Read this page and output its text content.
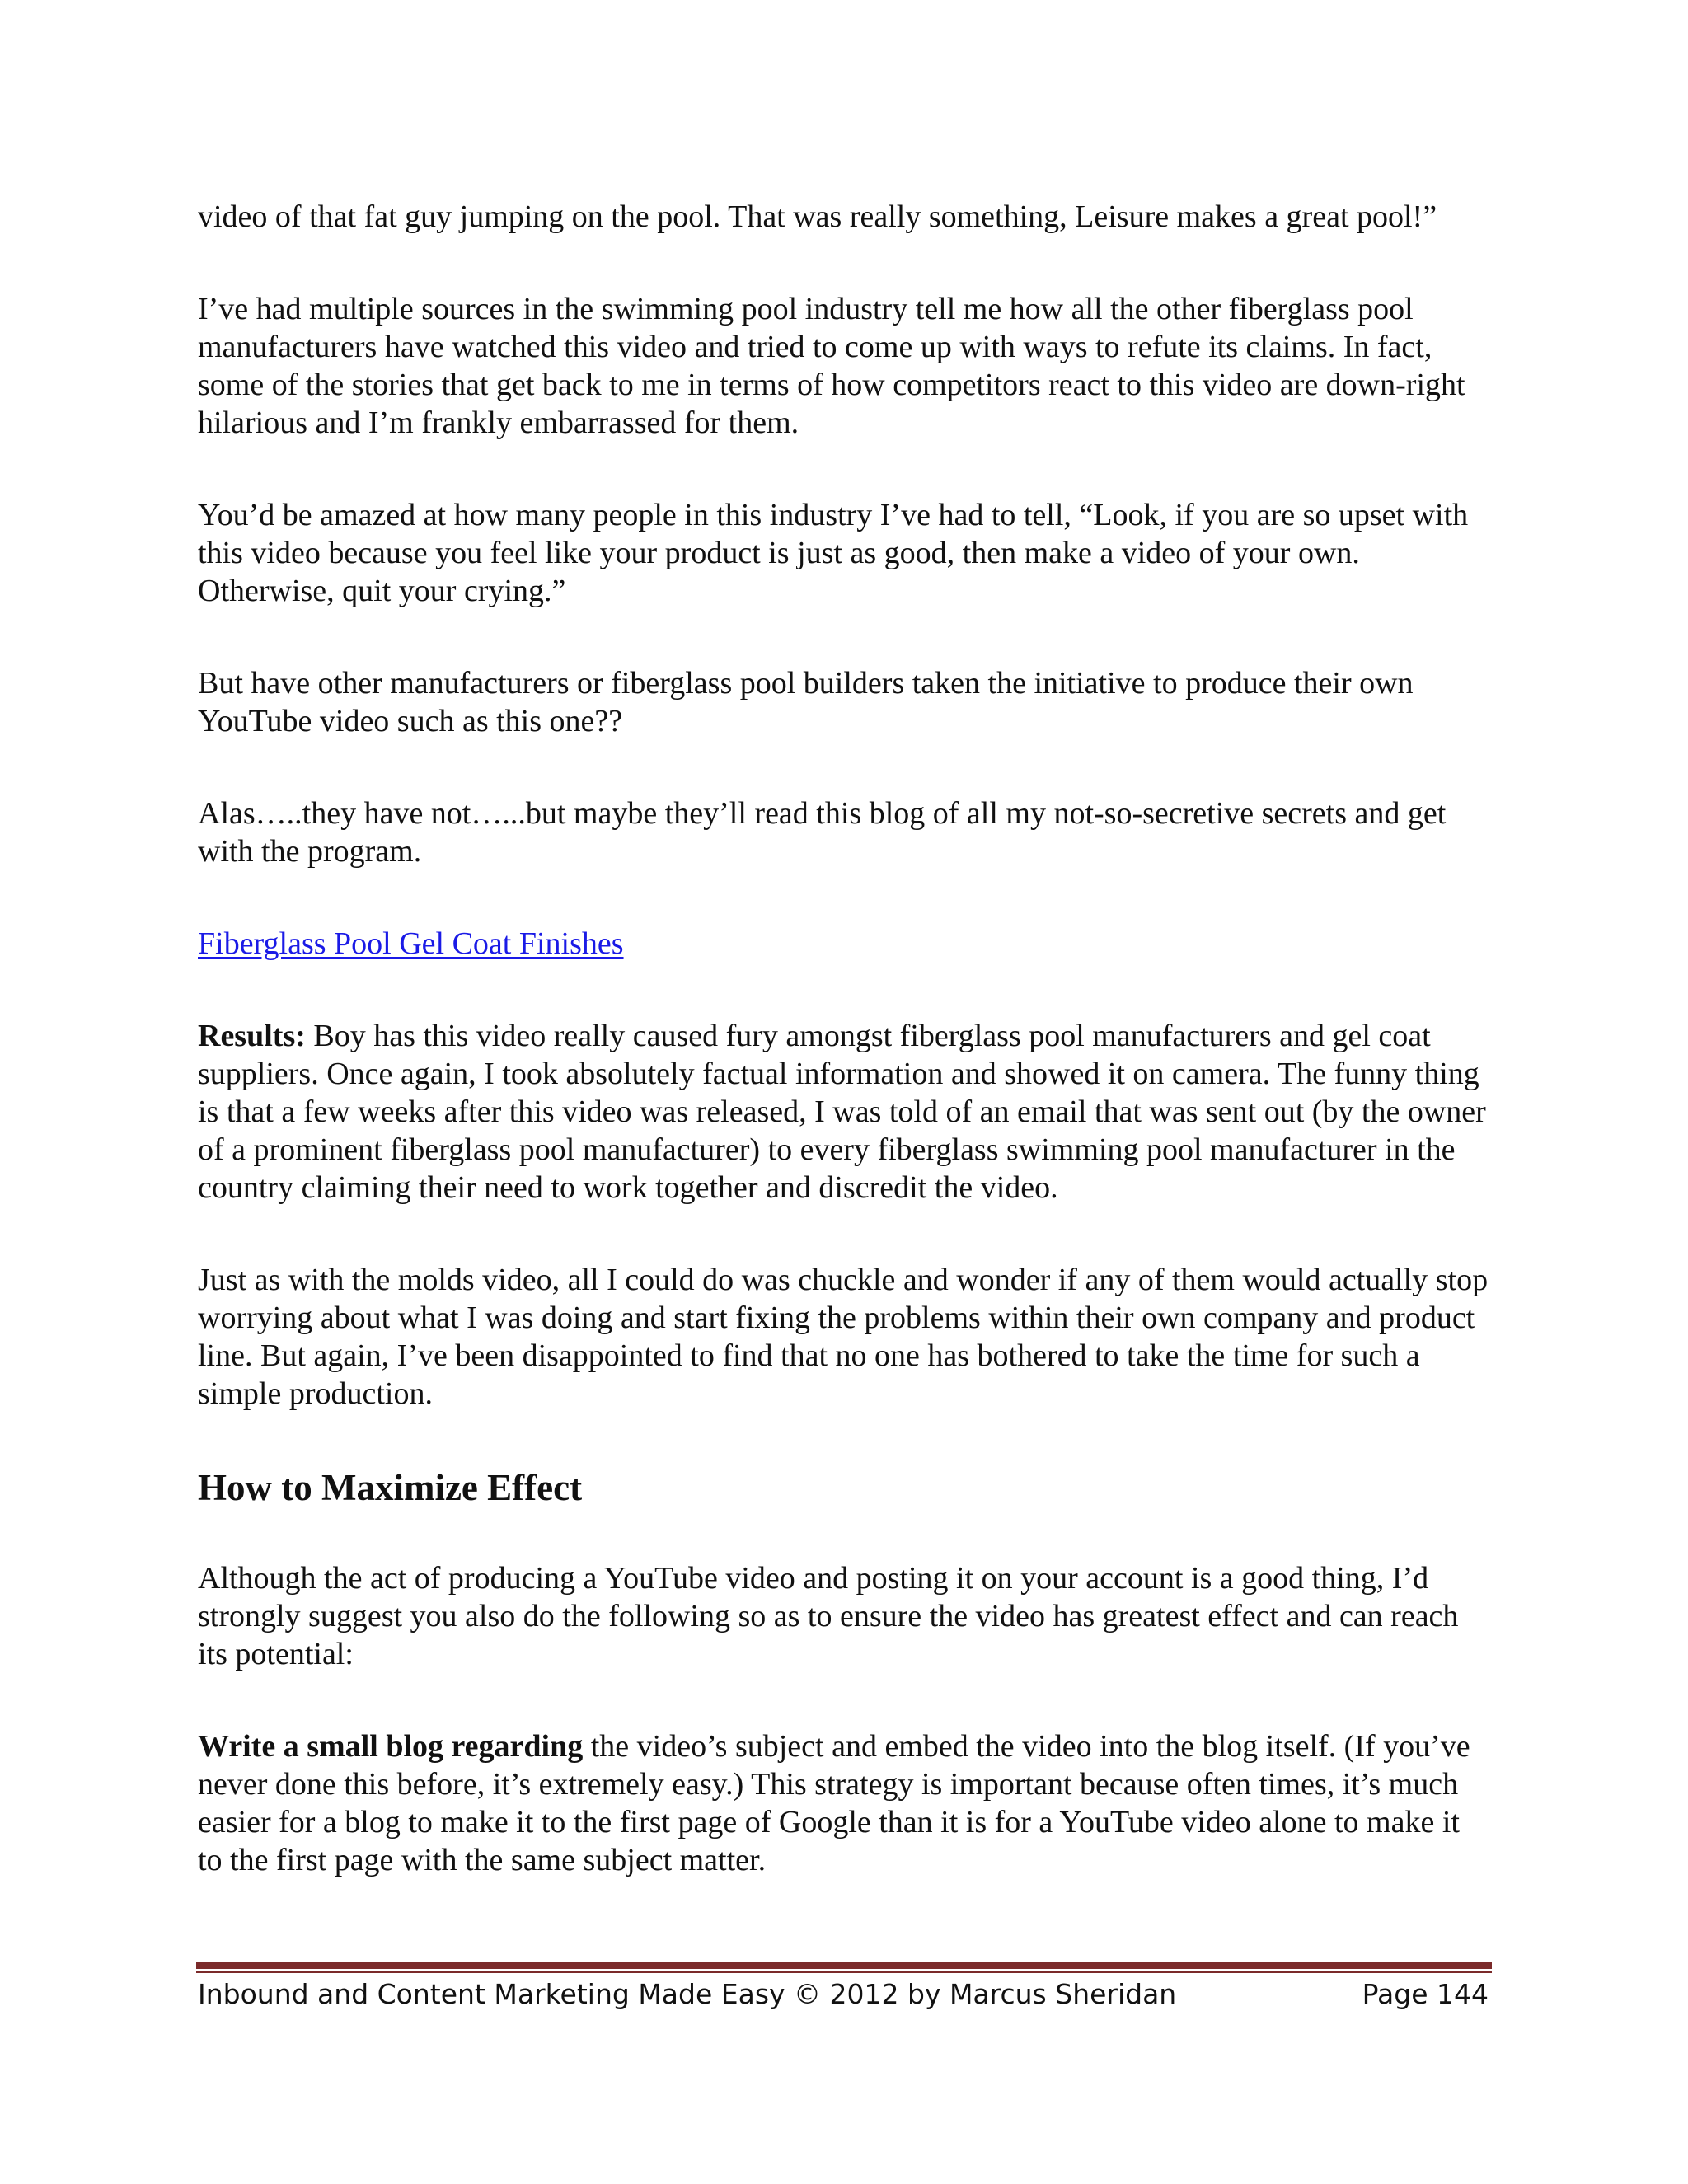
video of that fat guy jumping on the pool. That was really something, Leisure makes a great pool!”

I’ve had multiple sources in the swimming pool industry tell me how all the other fiberglass pool manufacturers have watched this video and tried to come up with ways to refute its claims. In fact, some of the stories that get back to me in terms of how competitors react to this video are down-right hilarious and I’m frankly embarrassed for them.

You’d be amazed at how many people in this industry I’ve had to tell, “Look, if you are so upset with this video because you feel like your product is just as good, then make a video of your own. Otherwise, quit your crying.”

But have other manufacturers or fiberglass pool builders taken the initiative to produce their own YouTube video such as this one??

Alas…..they have not…...but maybe they’ll read this blog of all my not-so-secretive secrets and get with the program.

Fiberglass Pool Gel Coat Finishes

Results: Boy has this video really caused fury amongst fiberglass pool manufacturers and gel coat suppliers. Once again, I took absolutely factual information and showed it on camera. The funny thing is that a few weeks after this video was released, I was told of an email that was sent out (by the owner of a prominent fiberglass pool manufacturer) to every fiberglass swimming pool manufacturer in the country claiming their need to work together and discredit the video.

Just as with the molds video, all I could do was chuckle and wonder if any of them would actually stop worrying about what I was doing and start fixing the problems within their own company and product line. But again, I’ve been disappointed to find that no one has bothered to take the time for such a simple production.

How to Maximize Effect

Although the act of producing a YouTube video and posting it on your account is a good thing, I’d strongly suggest you also do the following so as to ensure the video has greatest effect and can reach its potential:

Write a small blog regarding the video’s subject and embed the video into the blog itself. (If you’ve never done this before, it’s extremely easy.) This strategy is important because often times, it’s much easier for a blog to make it to the first page of Google than it is for a YouTube video alone to make it to the first page with the same subject matter.

Inbound and Content Marketing Made Easy © 2012 by Marcus Sheridan	Page 144
